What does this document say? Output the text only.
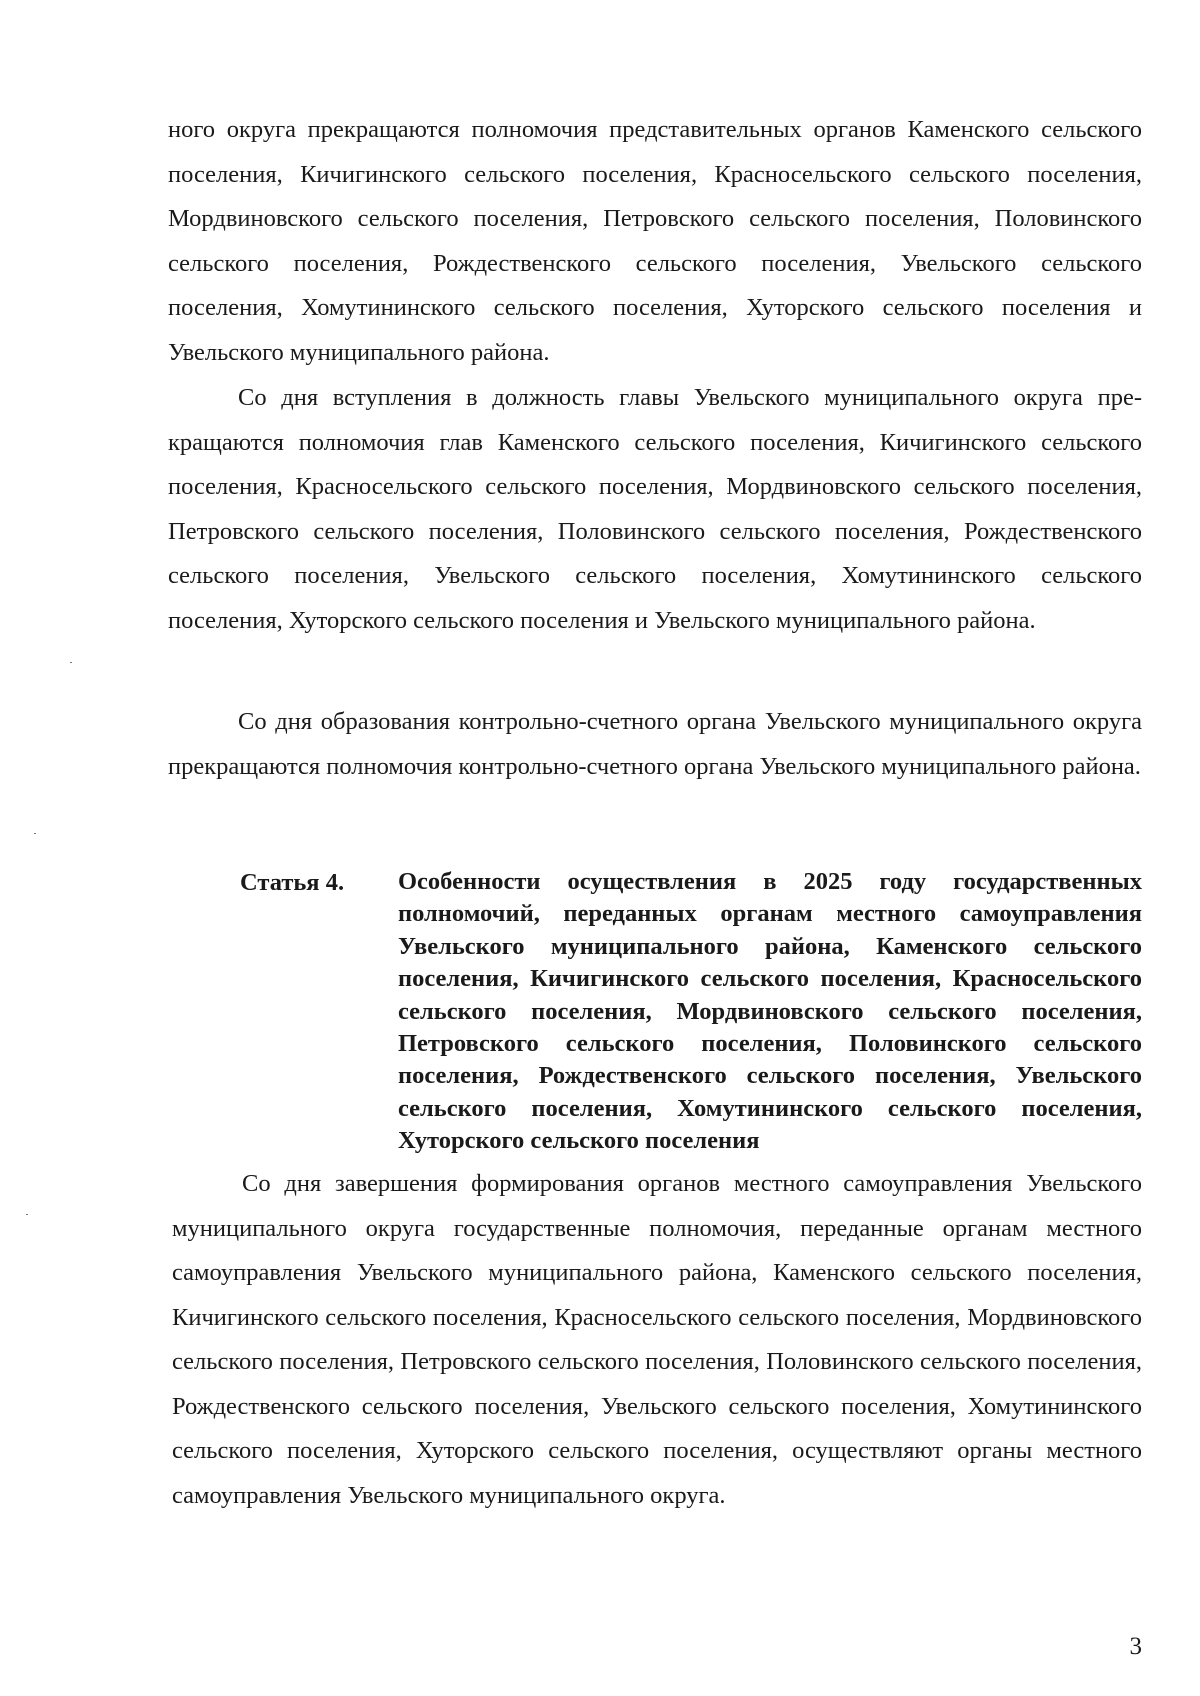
ного округа прекращаются полномочия представительных органов Каменского сельского поселения, Кичигинского сельского поселения, Красносельского сельского поселения, Мордвиновского сельского поселения, Петровского сельского поселения, Половинского сельского поселения, Рождественского сельского поселения, Увельского сельского поселения, Хомутининского сельского поселения, Хуторского сельского поселения и Увельского муниципального района.
Со дня вступления в должность главы Увельского муниципального округа прекращаются полномочия глав Каменского сельского поселения, Кичигинского сельского поселения, Красносельского сельского поселения, Мордвиновского сельского поселения, Петровского сельского поселения, Половинского сельского поселения, Рождественского сельского поселения, Увельского сельского поселения, Хомутининского сельского поселения, Хуторского сельского поселения и Увельского муниципального района.
Со дня образования контрольно-счетного органа Увельского муниципального округа прекращаются полномочия контрольно-счетного органа Увельского муниципального района.
Статья 4.	Особенности осуществления в 2025 году государственных полномочий, переданных органам местного самоуправления Увельского муниципального района, Каменского сельского поселения, Кичигинского сельского поселения, Красносельского сельского поселения, Мордвиновского сельского поселения, Петровского сельского поселения, Половинского сельского поселения, Рождественского сельского поселения, Увельского сельского поселения, Хомутининского сельского поселения, Хуторского сельского поселения
Со дня завершения формирования органов местного самоуправления Увельского муниципального округа государственные полномочия, переданные органам местного самоуправления Увельского муниципального района, Каменского сельского поселения, Кичигинского сельского поселения, Красносельского сельского поселения, Мордвиновского сельского поселения, Петровского сельского поселения, Половинского сельского поселения, Рождественского сельского поселения, Увельского сельского поселения, Хомутининского сельского поселения, Хуторского сельского поселения, осуществляют органы местного самоуправления Увельского муниципального округа.
3
